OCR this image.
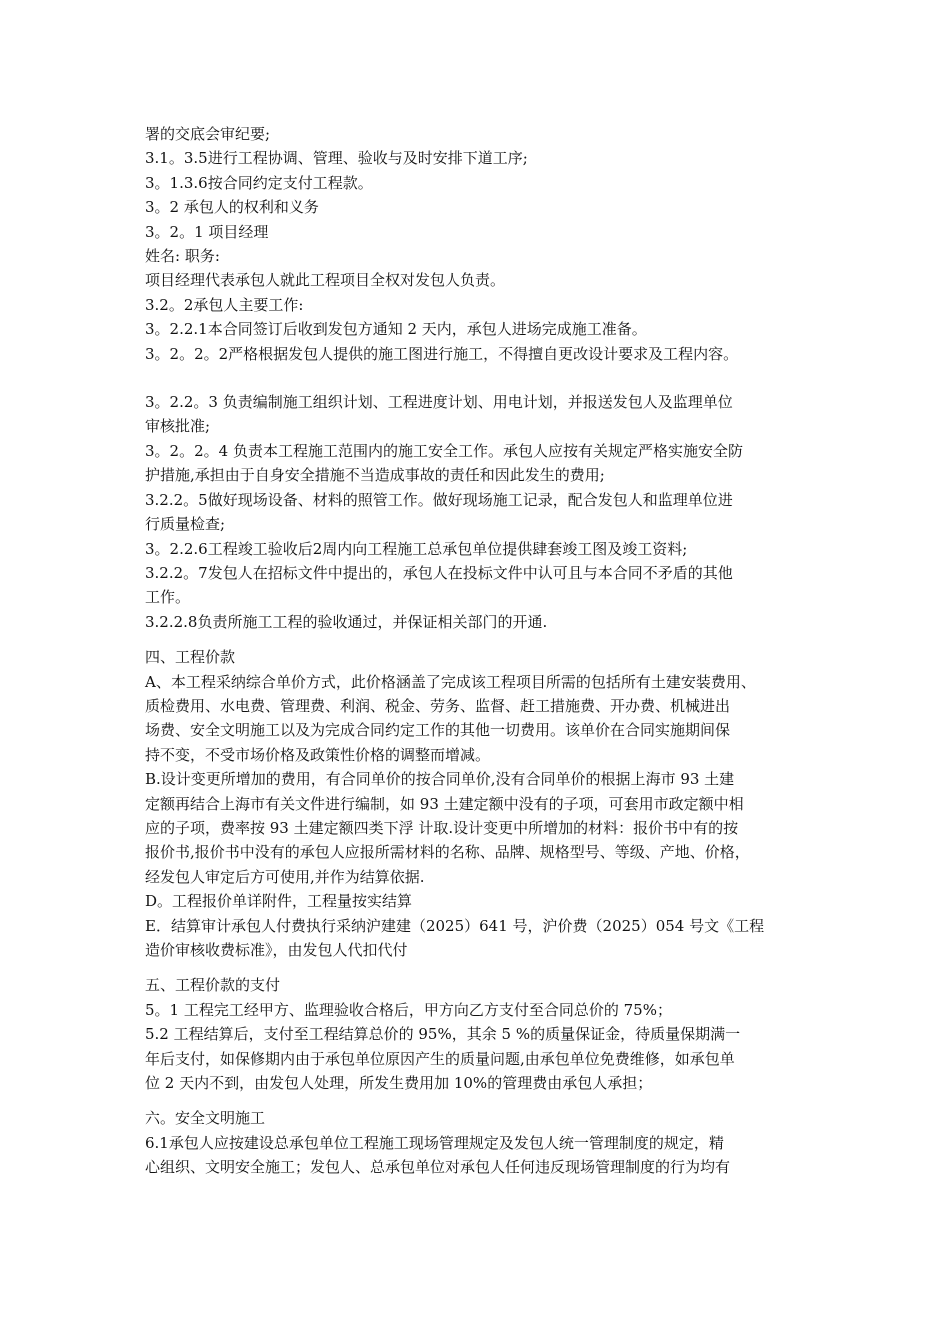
署的交底会审纪要;
3.1。3.5进行工程协调、管理、验收与及时安排下道工序;
3。1.3.6按合同约定支付工程款。
3。2 承包人的权利和义务
3。2。1 项目经理
姓名: 职务:
项目经理代表承包人就此工程项目全权对发包人负责。
3.2。2承包人主要工作:
3。2.2.1本合同签订后收到发包方通知 2 天内，承包人进场完成施工准备。
3。2。2。2严格根据发包人提供的施工图进行施工，不得擅自更改设计要求及工程内容。
3。2.2。3 负责编制施工组织计划、工程进度计划、用电计划，并报送发包人及监理单位
审核批准;
3。2。2。4 负责本工程施工范围内的施工安全工作。承包人应按有关规定严格实施安全防
护措施,承担由于自身安全措施不当造成事故的责任和因此发生的费用;
3.2.2。5做好现场设备、材料的照管工作。做好现场施工记录，配合发包人和监理单位进
行质量检查;
3。2.2.6工程竣工验收后2周内向工程施工总承包单位提供肆套竣工图及竣工资料;
3.2.2。7发包人在招标文件中提出的，承包人在投标文件中认可且与本合同不矛盾的其他
工作。
3.2.2.8负责所施工工程的验收通过，并保证相关部门的开通.
四、工程价款
A、本工程采纳综合单价方式，此价格涵盖了完成该工程项目所需的包括所有土建安装费用、
质检费用、水电费、管理费、利润、税金、劳务、监督、赶工措施费、开办费、机械进出
场费、安全文明施工以及为完成合同约定工作的其他一切费用。该单价在合同实施期间保
持不变，不受市场价格及政策性价格的调整而增减。
B.设计变更所增加的费用，有合同单价的按合同单价,没有合同单价的根据上海市 93 土建
定额再结合上海市有关文件进行编制，如 93 土建定额中没有的子项，可套用市政定额中相
应的子项，费率按 93 土建定额四类下浮 计取.设计变更中所增加的材料：报价书中有的按
报价书,报价书中没有的承包人应报所需材料的名称、品牌、规格型号、等级、产地、价格，
经发包人审定后方可使用,并作为结算依据.
D。工程报价单详附件，工程量按实结算
E．结算审计承包人付费执行采纳沪建建（2025）641 号，沪价费（2025）054 号文《工程
造价审核收费标准》，由发包人代扣代付
五、工程价款的支付
5。1 工程完工经甲方、监理验收合格后，甲方向乙方支付至合同总价的 75%；
5.2 工程结算后，支付至工程结算总价的 95%，其余 5 %的质量保证金，待质量保期满一
年后支付，如保修期内由于承包单位原因产生的质量问题,由承包单位免费维修，如承包单
位 2 天内不到，由发包人处理，所发生费用加 10%的管理费由承包人承担；
六。安全文明施工
6.1承包人应按建设总承包单位工程施工现场管理规定及发包人统一管理制度的规定，精
心组织、文明安全施工；发包人、总承包单位对承包人任何违反现场管理制度的行为均有
